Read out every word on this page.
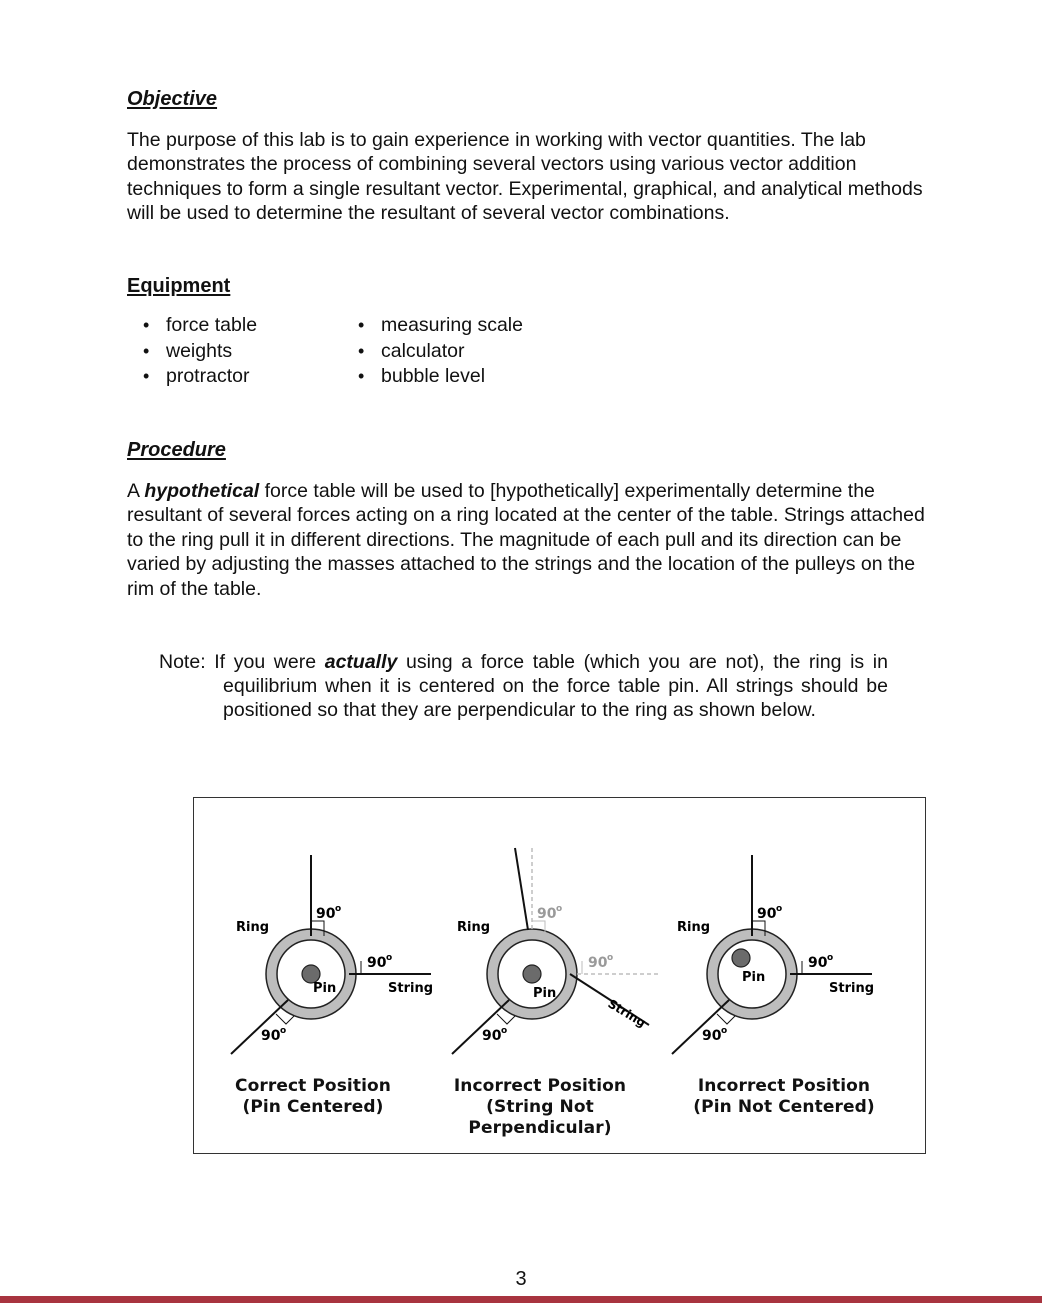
Objective

The purpose of this lab is to gain experience in working with vector quantities. The lab demonstrates the process of combining several vectors using various vector addition techniques to form a single resultant vector. Experimental, graphical, and analytical methods will be used to determine the resultant of several vector combinations.

Equipment
• force table
• weights
• protractor
• measuring scale
• calculator
• bubble level
Procedure

A hypothetical force table will be used to [hypothetically] experimentally determine the resultant of several forces acting on a ring located at the center of the table. Strings attached to the ring pull it in different directions. The magnitude of each pull and its direction can be varied by adjusting the masses attached to the strings and the location of the pulleys on the rim of the table.

Note: If you were actually using a force table (which you are not), the ring is in equilibrium when it is centered on the force table pin. All strings should be positioned so that they are perpendicular to the ring as shown below.

Ring
Pin	String
90 o
90 o
90 o
Ring
Pin
String
90 o
90 o
90 o
Ring
Pin
String
90 o
90 o
90 o
Correct Position
(Pin Centered)
Incorrect Position
(String Not Perpendicular)
Incorrect Position
(Pin Not Centered)
3
